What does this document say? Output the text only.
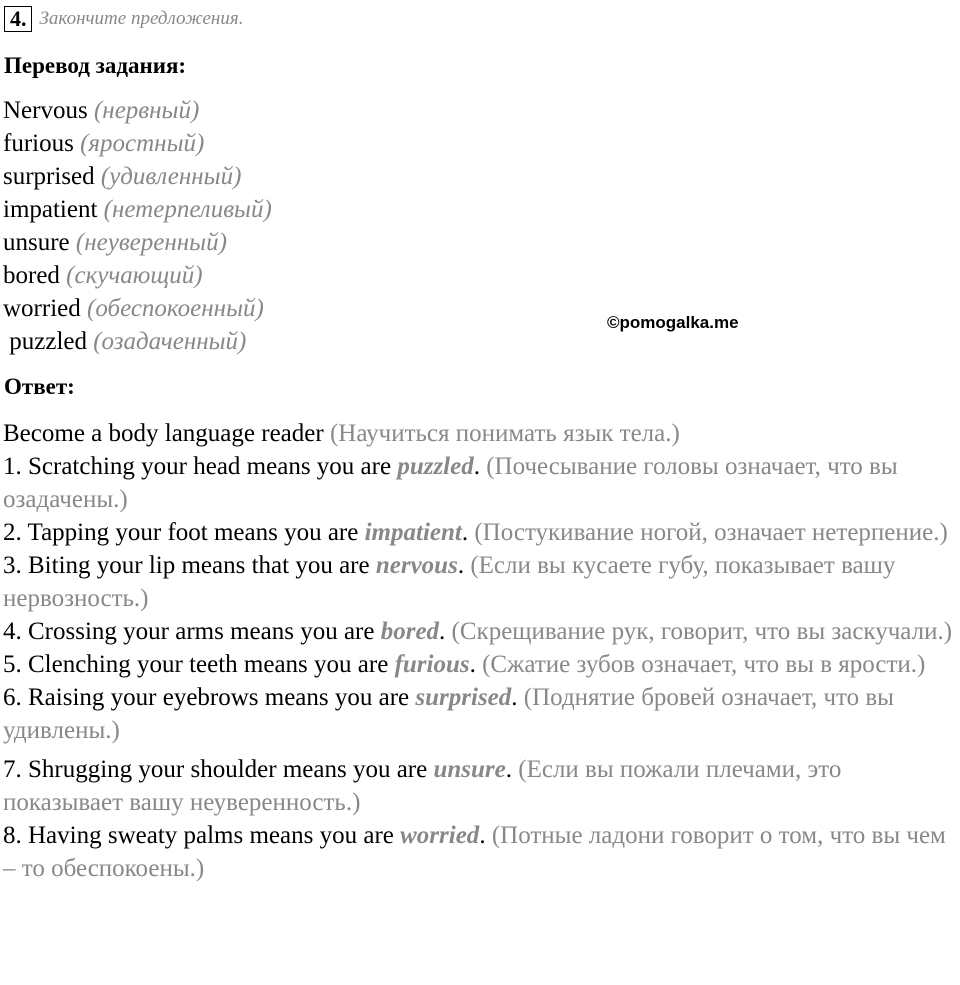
4. Закончите предложения.
Перевод задания:
Nervous (нервный)
furious (яростный)
surprised (удивленный)
impatient (нетерпеливый)
unsure (неуверенный)
bored (скучающий)
worried (обеспокоенный)
puzzled (озадаченный)
©pomogalka.me
Ответ:
Become a body language reader (Научиться понимать язык тела.)
1. Scratching your head means you are puzzled. (Почесывание головы означает, что вы озадачены.)
2. Tapping your foot means you are impatient. (Постукивание ногой, означает нетерпение.)
3. Biting your lip means that you are nervous. (Если вы кусаете губу, показывает вашу нервозность.)
4. Crossing your arms means you are bored. (Скрещивание рук, говорит, что вы заскучали.)
5. Clenching your teeth means you are furious. (Сжатие зубов означает, что вы в ярости.)
6. Raising your eyebrows means you are surprised. (Поднятие бровей означает, что вы удивлены.)
7. Shrugging your shoulder means you are unsure. (Если вы пожали плечами, это показывает вашу неуверенность.)
8. Having sweaty palms means you are worried. (Потные ладони говорит о том, что вы чем – то обеспокоены.)
